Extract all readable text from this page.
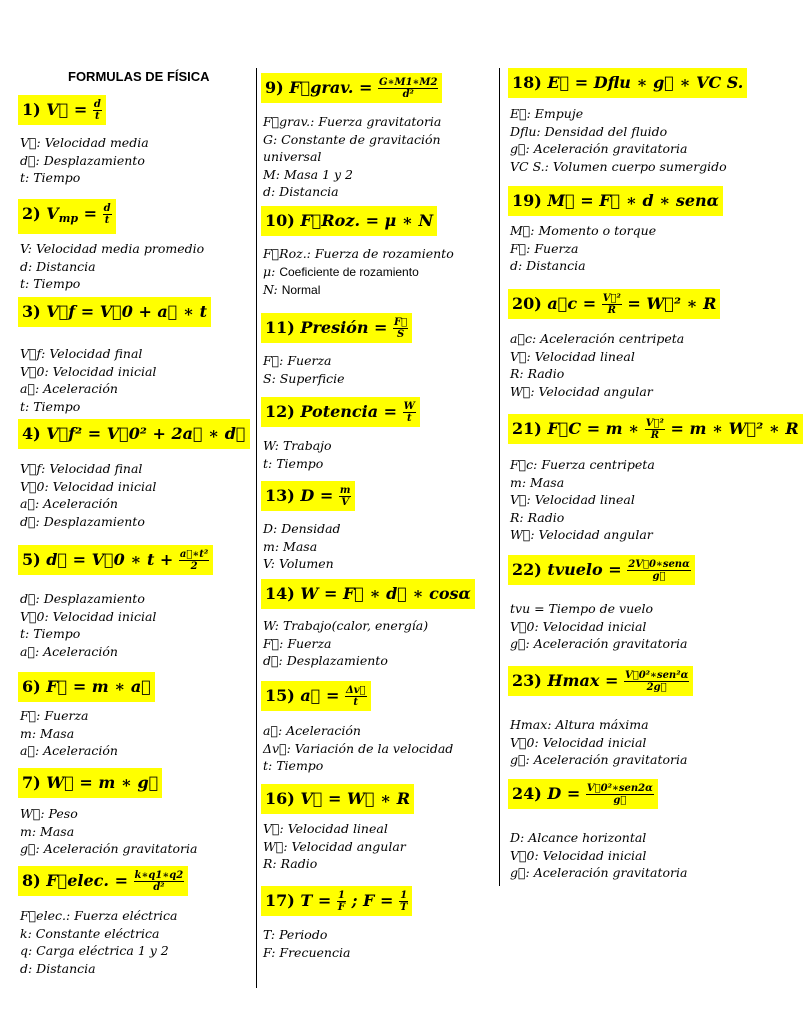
FORMULAS DE FÍSICA
1) V⃗ = $\frac{d}{t}$
V⃗: Velocidad media
d⃗: Desplazamiento
t: Tiempo
2) $V_{mp} = \frac{d}{t}$
V: Velocidad media promedio
d: Distancia
t: Tiempo
3) V⃗f = V⃗0 + a⃗ ∗ t
V⃗f: Velocidad final
V⃗0: Velocidad inicial
a⃗: Aceleración
t: Tiempo
4) V⃗f² = V⃗0² + 2a⃗ ∗ d⃗
V⃗f: Velocidad final
V⃗0: Velocidad inicial
a⃗: Aceleración
d⃗: Desplazamiento
5) d⃗ = V⃗0 ∗ $t + \frac{\text{a⃗∗t²}}{2}$
d⃗: Desplazamiento
V⃗0: Velocidad inicial
t: Tiempo
a⃗: Aceleración
6) F⃗ = m ∗ a⃗
F⃗: Fuerza
m: Masa
a⃗: Aceleración
7) W⃗ = m ∗ g⃗
W⃗: Peso
m: Masa
g⃗: Aceleración gravitatoria
8) F⃗elec. = $\frac{k∗q1∗q2}{\text{d²}}$
F⃗elec.: Fuerza eléctrica
k: Constante eléctrica
q: Carga eléctrica 1 y 2
d: Distancia
9) F⃗grav. = $\frac{G∗M1∗M2}{\text{d²}}$
F⃗grav.: Fuerza gravitatoria
G: Constante de gravitación
universal
M: Masa 1 y 2
d: Distancia
10) F⃗Roz. = μ ∗ N
F⃗Roz.: Fuerza de rozamiento
μ: Coeficiente de rozamiento
N: Normal
11) Presión = $\frac{F⃗}{S}$
F⃗: Fuerza
S: Superficie
12) Potencia = $\frac{W}{t}$
W: Trabajo
t: Tiempo
13) $D = \frac{m}{V}$
D: Densidad
m: Masa
V: Volumen
14) W = F⃗ ∗ d⃗ ∗ cosα
W: Trabajo(calor, energía)
F⃗: Fuerza
d⃗: Desplazamiento
15) a⃗ = $\frac{\Delta v⃗}{t}$
a⃗: Aceleración
Δv⃗: Variación de la velocidad
t: Tiempo
16) V⃗ = W⃗ ∗ R
V⃗: Velocidad lineal
W⃗: Velocidad angular
R: Radio
17) $T = \frac{1}{F}$ ; $F = \frac{1}{T}$
T: Periodo
F: Frecuencia
18) E⃗ = Dflu ∗ g⃗ ∗ VC S.
E⃗: Empuje
Dflu: Densidad del fluido
g⃗: Aceleración gravitatoria
VC S.: Volumen cuerpo sumergido
19) M⃗ = F⃗ ∗ d ∗ senα
M⃗: Momento o torque
F⃗: Fuerza
d: Distancia
20) a⃗c = $\frac{\text{V⃗²}}{R}$ = W⃗² ∗ R
a⃗c: Aceleración centripeta
V⃗: Velocidad lineal
R: Radio
W⃗: Velocidad angular
21) F⃗C = m ∗ $\frac{\text{V⃗²}}{R} = m$ ∗ W⃗² ∗ R
F⃗c: Fuerza centripeta
m: Masa
V⃗: Velocidad lineal
R: Radio
W⃗: Velocidad angular
22) tvuelo = 2V⃗0∗senα
g⃗
tvu = Tiempo de vuelo
V⃗0: Velocidad inicial
g⃗: Aceleración gravitatoria
23) Hmax = V⃗0²∗sen²α
2g⃗
Hmax: Altura máxima
V⃗0: Velocidad inicial
g⃗: Aceleración gravitatoria
24) D = V⃗0²∗sen2α
g⃗
D: Alcance horizontal
V⃗0: Velocidad inicial
g⃗: Aceleración gravitatoria
